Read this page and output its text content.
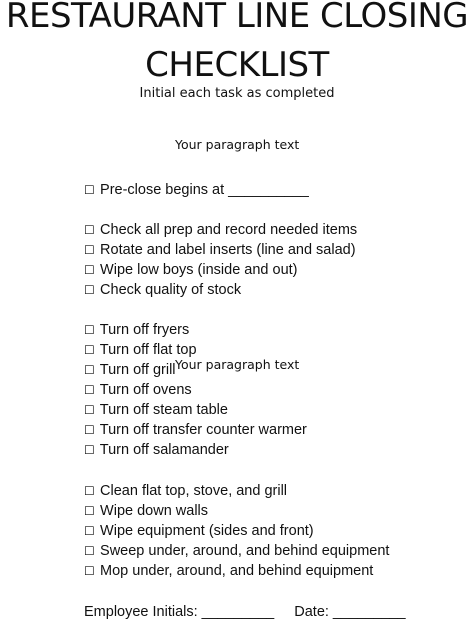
RESTAURANT LINE CLOSING
CHECKLIST
Initial each task as completed
Your paragraph text
☐ Pre-close begins at __________
☐ Check all prep and record needed items
☐ Rotate and label inserts (line and salad)
☐ Wipe low boys (inside and out)
☐ Check quality of stock
☐ Turn off fryers
☐ Turn off flat top
☐ Turn off grill
☐ Turn off ovens
☐ Turn off steam table
☐ Turn off transfer counter warmer
☐ Turn off salamander
☐ Clean flat top, stove, and grill
☐ Wipe down walls
☐ Wipe equipment (sides and front)
☐ Sweep under, around, and behind equipment
☐ Mop under, around, and behind equipment
Your paragraph text
Employee Initials: _________ Date: _________
